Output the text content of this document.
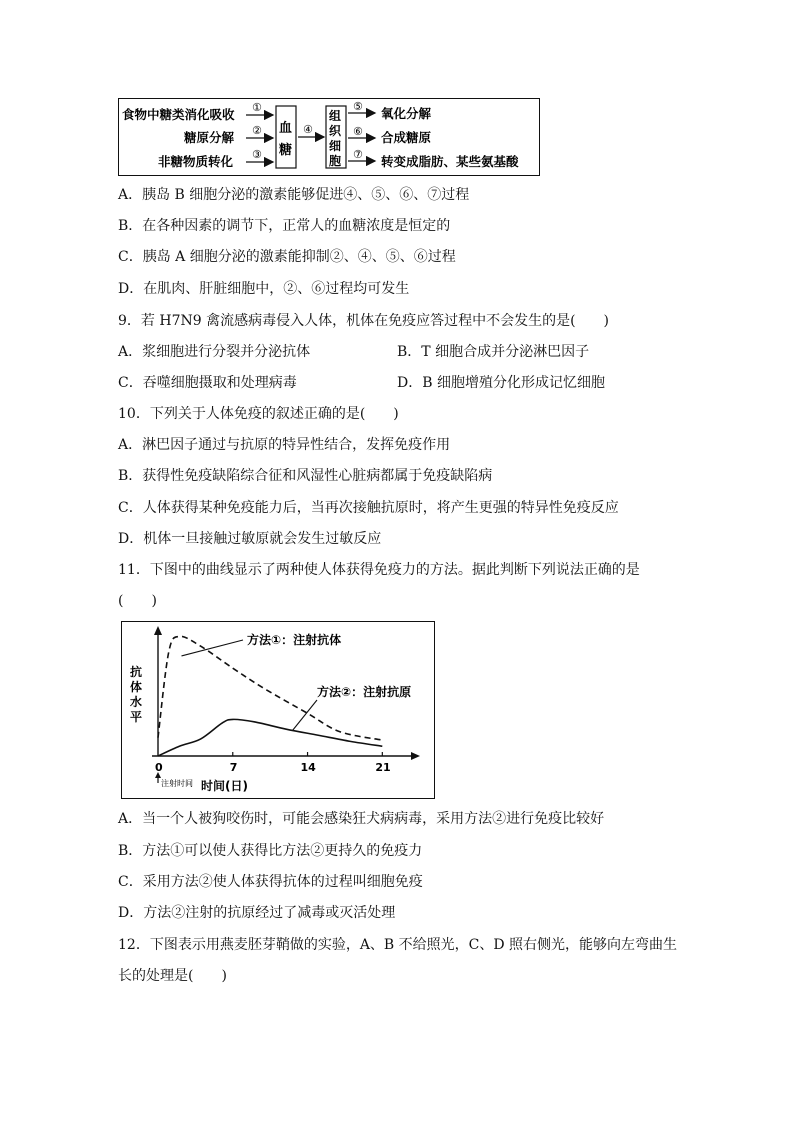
食物中糖类消化吸收
糖原分解
非糖物质转化
①
②
③
血
糖
④
组
织
细
胞
⑤
⑥
⑦
氧化分解
合成糖原
转变成脂肪、某些氨基酸
A．胰岛 B 细胞分泌的激素能够促进④、⑤、⑥、⑦过程
B．在各种因素的调节下，正常人的血糖浓度是恒定的
C．胰岛 A 细胞分泌的激素能抑制②、④、⑤、⑥过程
D．在肌肉、肝脏细胞中，②、⑥过程均可发生
9．若 H7N9 禽流感病毒侵入人体，机体在免疫应答过程中不会发生的是(　　)
A．浆细胞进行分裂并分泌抗体	B．T 细胞合成并分泌淋巴因子
C．吞噬细胞摄取和处理病毒	D．B 细胞增殖分化形成记忆细胞
10．下列关于人体免疫的叙述正确的是(　　)
A．淋巴因子通过与抗原的特异性结合，发挥免疫作用
B．获得性免疫缺陷综合征和风湿性心脏病都属于免疫缺陷病
C．人体获得某种免疫能力后，当再次接触抗原时，将产生更强的特异性免疫反应
D．机体一旦接触过敏原就会发生过敏反应
11．下图中的曲线显示了两种使人体获得免疫力的方法。据此判断下列说法正确的是
(　　)
0	7	14	21
注射时间 时间(日)
抗
体
水
平
方法①：注射抗体
方法②：注射抗原
A．当一个人被狗咬伤时，可能会感染狂犬病病毒，采用方法②进行免疫比较好
B．方法①可以使人获得比方法②更持久的免疫力
C．采用方法②使人体获得抗体的过程叫细胞免疫
D．方法②注射的抗原经过了减毒或灭活处理
12．下图表示用燕麦胚芽鞘做的实验，A、B 不给照光，C、D 照右侧光，能够向左弯曲生
长的处理是(　　)
